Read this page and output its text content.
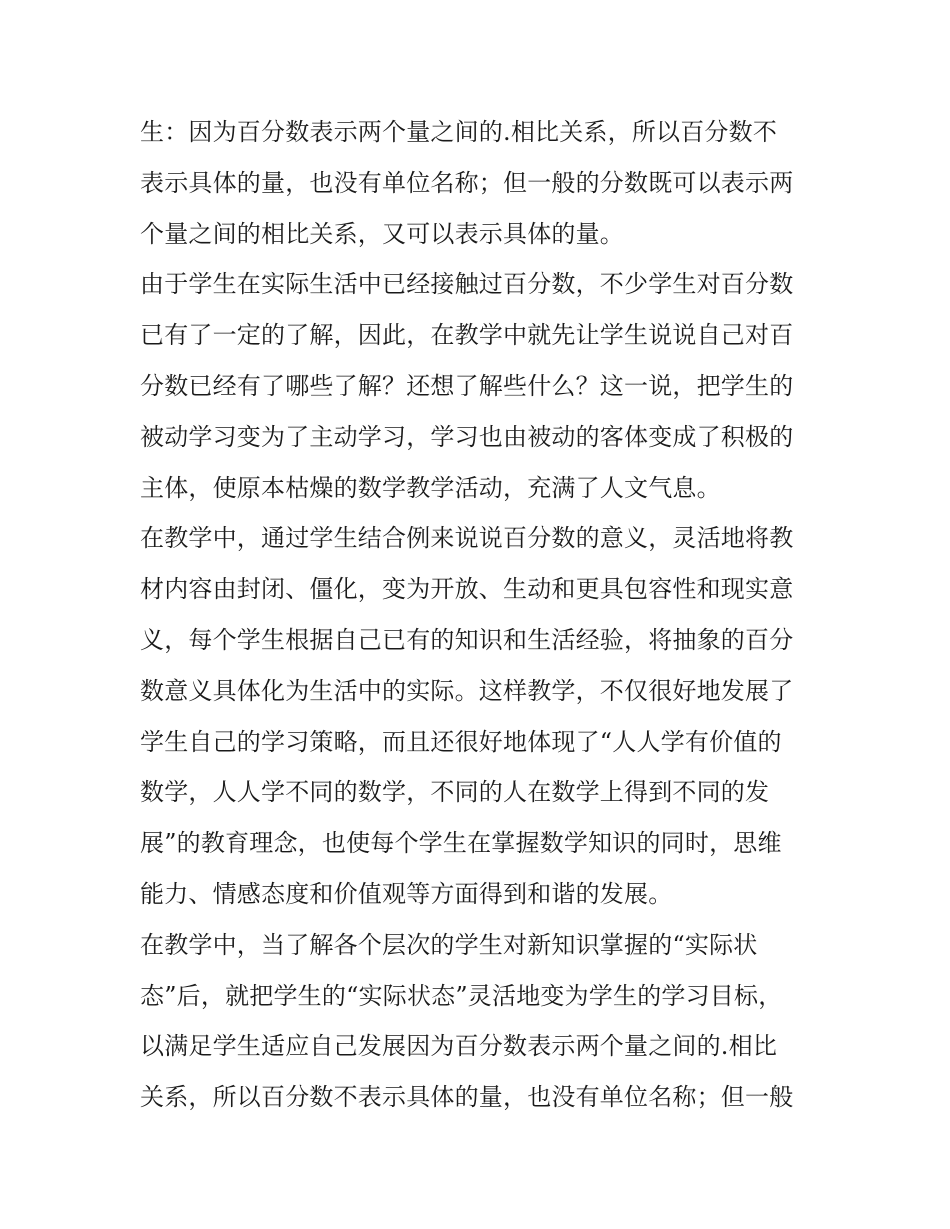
生：因为百分数表示两个量之间的.相比关系，所以百分数不
表示具体的量，也没有单位名称；但一般的分数既可以表示两
个量之间的相比关系，又可以表示具体的量。
由于学生在实际生活中已经接触过百分数，不少学生对百分数
已有了一定的了解，因此，在教学中就先让学生说说自己对百
分数已经有了哪些了解？还想了解些什么？这一说，把学生的
被动学习变为了主动学习，学习也由被动的客体变成了积极的
主体，使原本枯燥的数学教学活动，充满了人文气息。
在教学中，通过学生结合例来说说百分数的意义，灵活地将教
材内容由封闭、僵化，变为开放、生动和更具包容性和现实意
义，每个学生根据自己已有的知识和生活经验，将抽象的百分
数意义具体化为生活中的实际。这样教学，不仅很好地发展了
学生自己的学习策略，而且还很好地体现了“人人学有价值的
数学，人人学不同的数学，不同的人在数学上得到不同的发
展”的教育理念，也使每个学生在掌握数学知识的同时，思维
能力、情感态度和价值观等方面得到和谐的发展。
在教学中，当了解各个层次的学生对新知识掌握的“实际状
态”后，就把学生的“实际状态”灵活地变为学生的学习目标，
以满足学生适应自己发展因为百分数表示两个量之间的.相比
关系，所以百分数不表示具体的量，也没有单位名称；但一般
